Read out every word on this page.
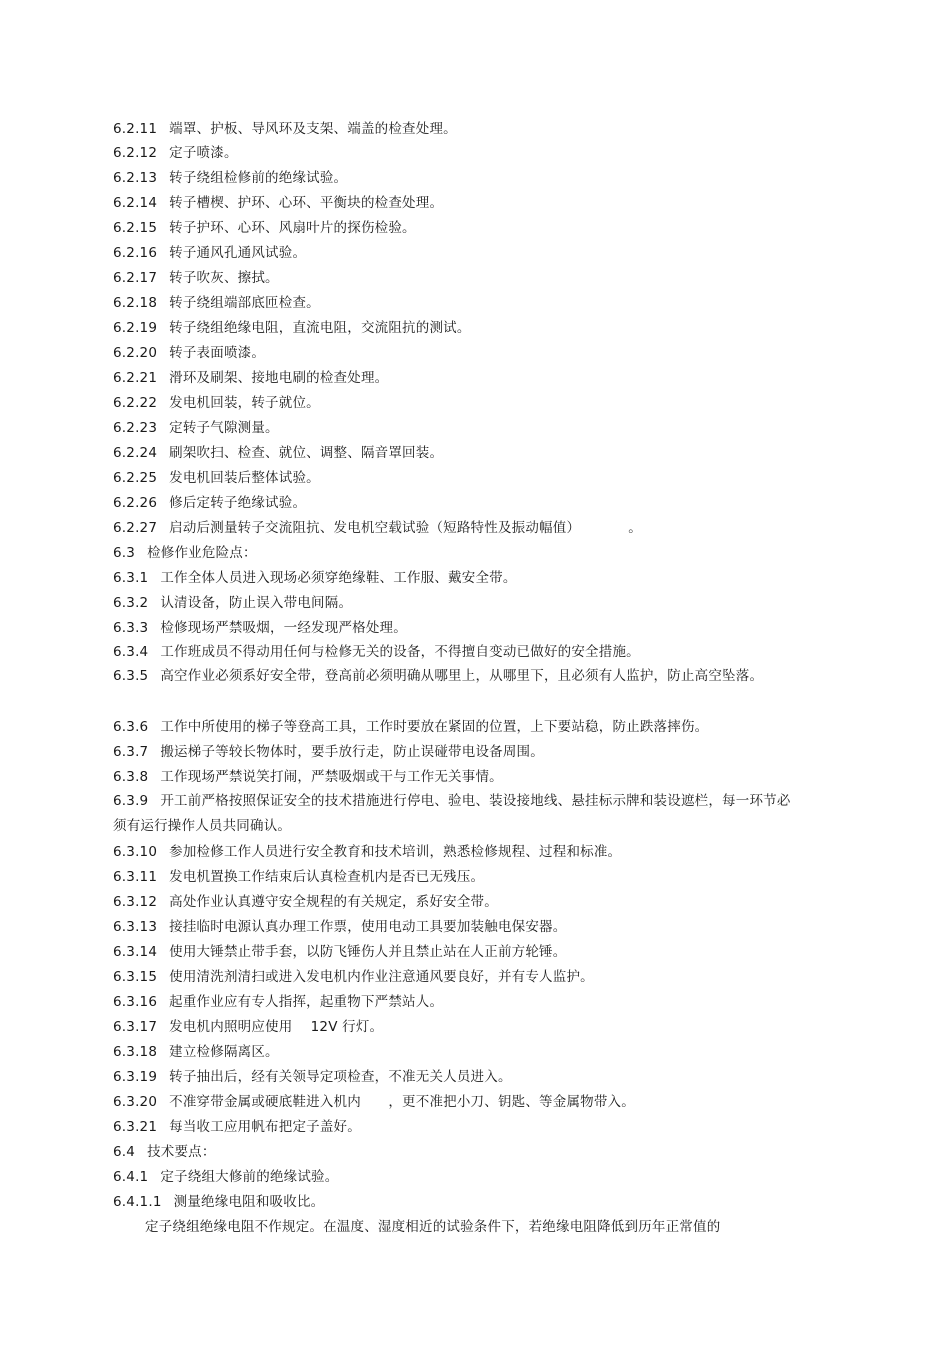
6.2.11 端罩、护板、导风环及支架、端盖的检查处理。
6.2.12 定子喷漆。
6.2.13 转子绕组检修前的绝缘试验。
6.2.14 转子槽楔、护环、心环、平衡块的检查处理。
6.2.15 转子护环、心环、风扇叶片的探伤检验。
6.2.16 转子通风孔通风试验。
6.2.17 转子吹灰、擦拭。
6.2.18 转子绕组端部底匝检查。
6.2.19 转子绕组绝缘电阻，直流电阻，交流阻抗的测试。
6.2.20 转子表面喷漆。
6.2.21 滑环及刷架、接地电刷的检查处理。
6.2.22 发电机回装，转子就位。
6.2.23 定转子气隙测量。
6.2.24 刷架吹扫、检查、就位、调整、隔音罩回装。
6.2.25 发电机回装后整体试验。
6.2.26 修后定转子绝缘试验。
6.2.27 启动后测量转子交流阻抗、发电机空载试验（短路特性及振动幅值）　　　　。
6.3 检修作业危险点：
6.3.1 工作全体人员进入现场必须穿绝缘鞋、工作服、戴安全带。
6.3.2 认清设备，防止误入带电间隔。
6.3.3 检修现场严禁吸烟，一经发现严格处理。
6.3.4 工作班成员不得动用任何与检修无关的设备，不得擅自变动已做好的安全措施。
6.3.5 高空作业必须系好安全带，登高前必须明确从哪里上，从哪里下，且必须有人监护，防止高空坠落。
6.3.6 工作中所使用的梯子等登高工具，工作时要放在紧固的位置，上下要站稳，防止跌落摔伤。
6.3.7 搬运梯子等较长物体时，要手放行走，防止误碰带电设备周围。
6.3.8 工作现场严禁说笑打闹，严禁吸烟或干与工作无关事情。
6.3.9 开工前严格按照保证安全的技术措施进行停电、验电、装设接地线、悬挂标示牌和装设遮栏，每一环节必须有运行操作人员共同确认。
6.3.10 参加检修工作人员进行安全教育和技术培训，熟悉检修规程、过程和标准。
6.3.11 发电机置换工作结束后认真检查机内是否已无残压。
6.3.12 高处作业认真遵守安全规程的有关规定，系好安全带。
6.3.13 接挂临时电源认真办理工作票，使用电动工具要加装触电保安器。
6.3.14 使用大锤禁止带手套，以防飞锤伤人并且禁止站在人正前方轮锤。
6.3.15 使用清洗剂清扫或进入发电机内作业注意通风要良好，并有专人监护。
6.3.16 起重作业应有专人指挥，起重物下严禁站人。
6.3.17 发电机内照明应使用　 12V 行灯。
6.3.18 建立检修隔离区。
6.3.19 转子抽出后，经有关领导定项检查，不准无关人员进入。
6.3.20 不准穿带金属或硬底鞋进入机内　　，更不准把小刀、钥匙、等金属物带入。
6.3.21 每当收工应用帆布把定子盖好。
6.4 技术要点：
6.4.1 定子绕组大修前的绝缘试验。
6.4.1.1 测量绝缘电阻和吸收比。
定子绕组绝缘电阻不作规定。在温度、湿度相近的试验条件下，若绝缘电阻降低到历年正常值的
